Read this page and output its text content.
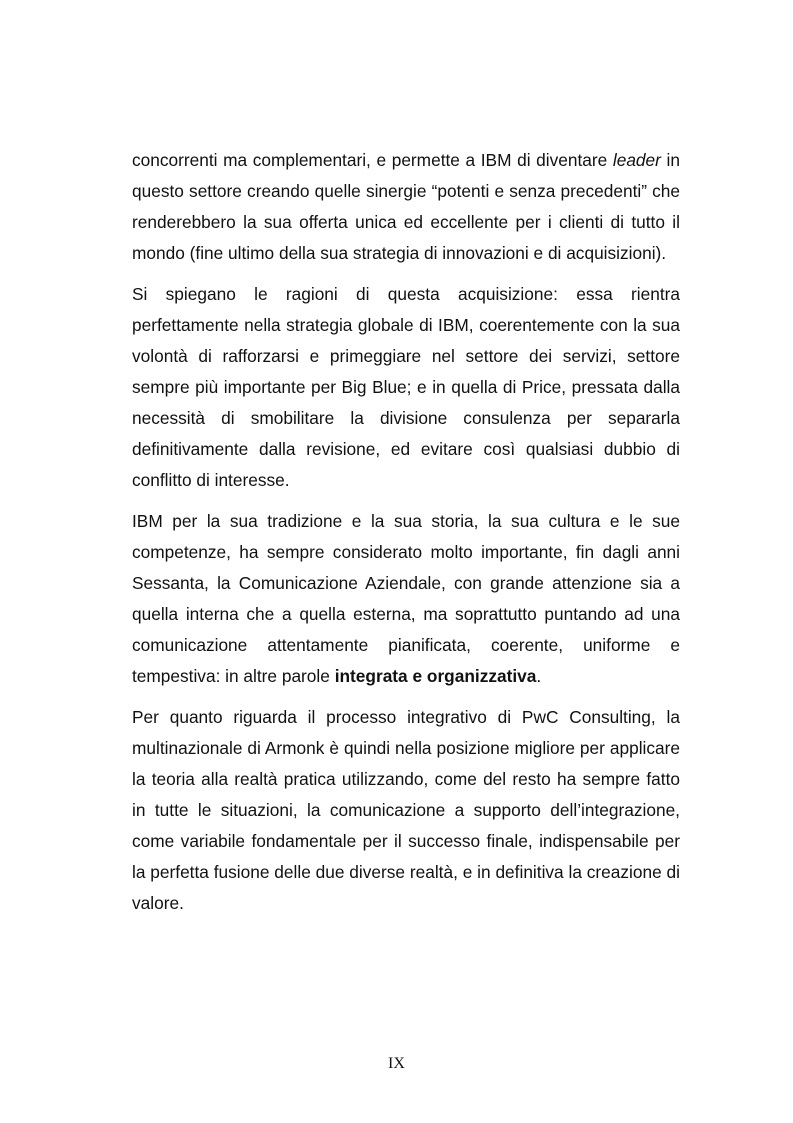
concorrenti ma complementari, e permette a IBM di diventare leader in questo settore creando quelle sinergie “potenti e senza precedenti” che renderebbero la sua offerta unica ed eccellente per i clienti di tutto il mondo (fine ultimo della sua strategia di innovazioni e di acquisizioni).

Si spiegano le ragioni di questa acquisizione: essa rientra perfettamente nella strategia globale di IBM, coerentemente con la sua volontà di rafforzarsi e primeggiare nel settore dei servizi, settore sempre più importante per Big Blue; e in quella di Price, pressata dalla necessità di smobilitare la divisione consulenza per separarla definitivamente dalla revisione, ed evitare così qualsiasi dubbio di conflitto di interesse.

IBM per la sua tradizione e la sua storia, la sua cultura e le sue competenze, ha sempre considerato molto importante, fin dagli anni Sessanta, la Comunicazione Aziendale, con grande attenzione sia a quella interna che a quella esterna, ma soprattutto puntando ad una comunicazione attentamente pianificata, coerente, uniforme e tempestiva: in altre parole integrata e organizzativa.

Per quanto riguarda il processo integrativo di PwC Consulting, la multinazionale di Armonk è quindi nella posizione migliore per applicare la teoria alla realtà pratica utilizzando, come del resto ha sempre fatto in tutte le situazioni, la comunicazione a supporto dell’integrazione, come variabile fondamentale per il successo finale, indispensabile per la perfetta fusione delle due diverse realtà, e in definitiva la creazione di valore.

IX
